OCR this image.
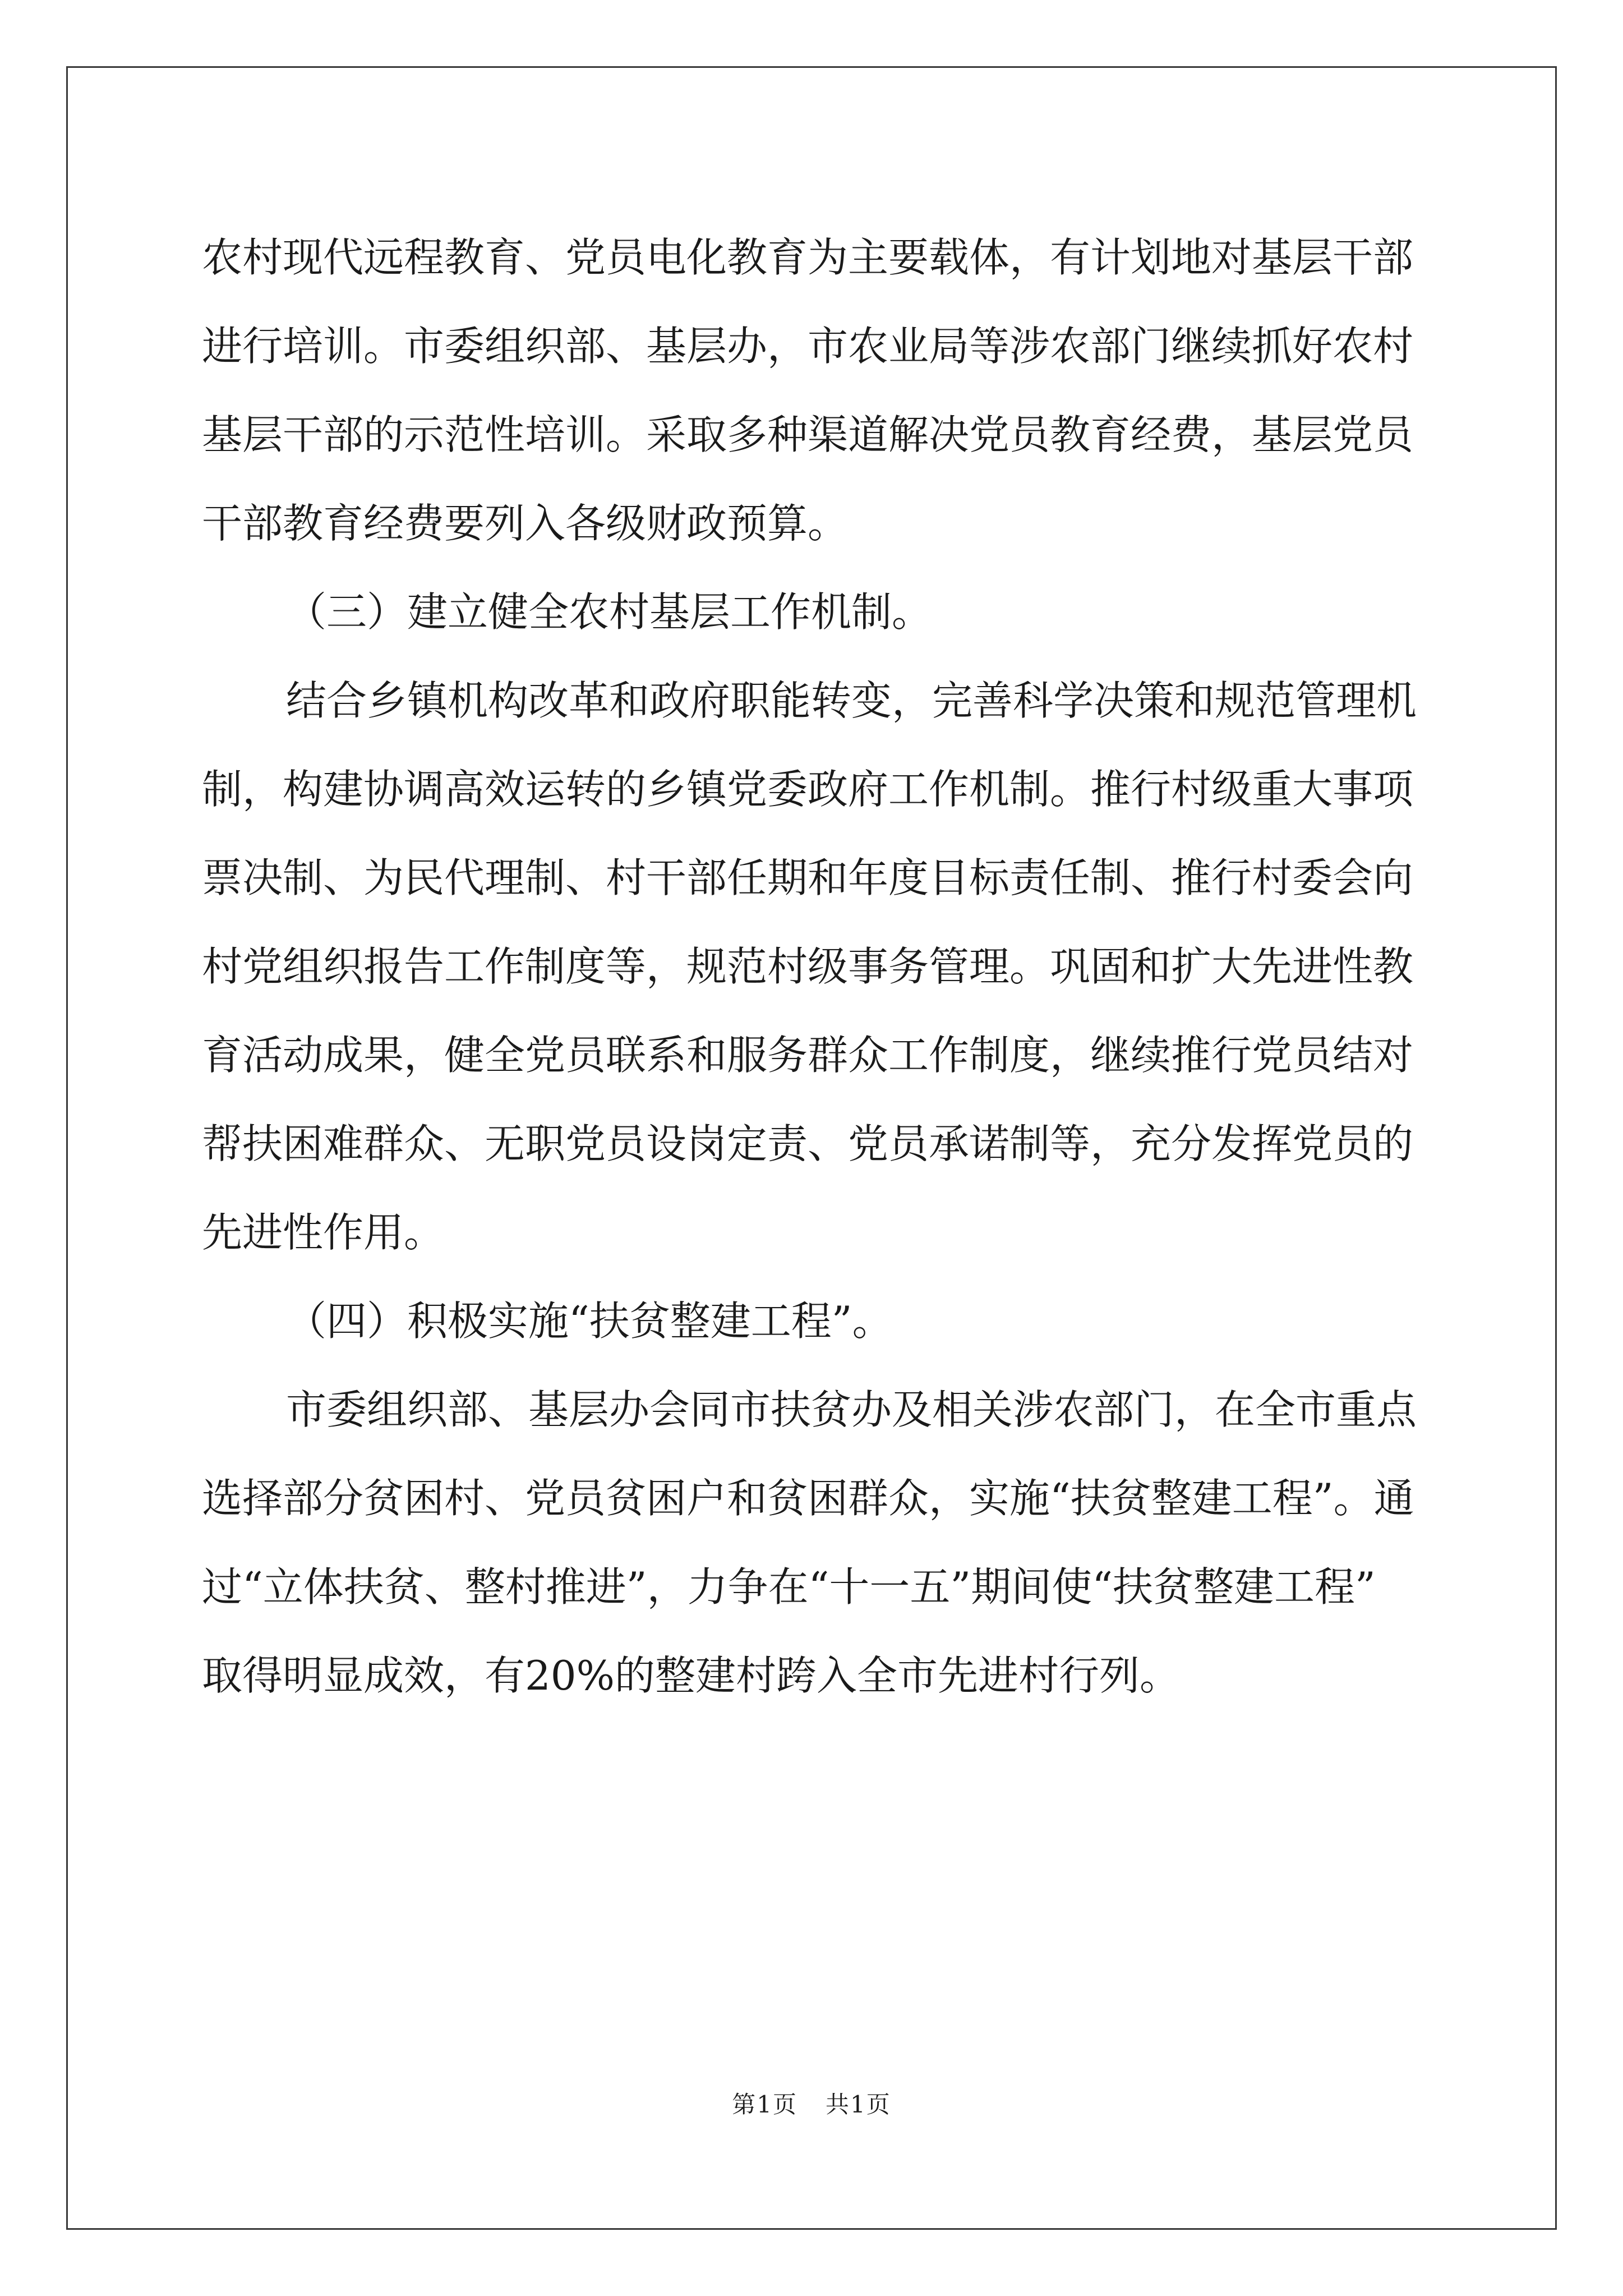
农村现代远程教育、党员电化教育为主要载体，有计划地对基层干部
进行培训。市委组织部、基层办，市农业局等涉农部门继续抓好农村
基层干部的示范性培训。采取多种渠道解决党员教育经费，基层党员
干部教育经费要列入各级财政预算。
（三）建立健全农村基层工作机制。
结合乡镇机构改革和政府职能转变，完善科学决策和规范管理机
制，构建协调高效运转的乡镇党委政府工作机制。推行村级重大事项
票决制、为民代理制、村干部任期和年度目标责任制、推行村委会向
村党组织报告工作制度等，规范村级事务管理。巩固和扩大先进性教
育活动成果，健全党员联系和服务群众工作制度，继续推行党员结对
帮扶困难群众、无职党员设岗定责、党员承诺制等，充分发挥党员的
先进性作用。
（四）积极实施“扶贫整建工程”。
市委组织部、基层办会同市扶贫办及相关涉农部门，在全市重点
选择部分贫困村、党员贫困户和贫困群众，实施“扶贫整建工程”。通
过“立体扶贫、整村推进”，力争在“十一五”期间使“扶贫整建工程”
取得明显成效，有20%的整建村跨入全市先进村行列。
第1页 共1页
